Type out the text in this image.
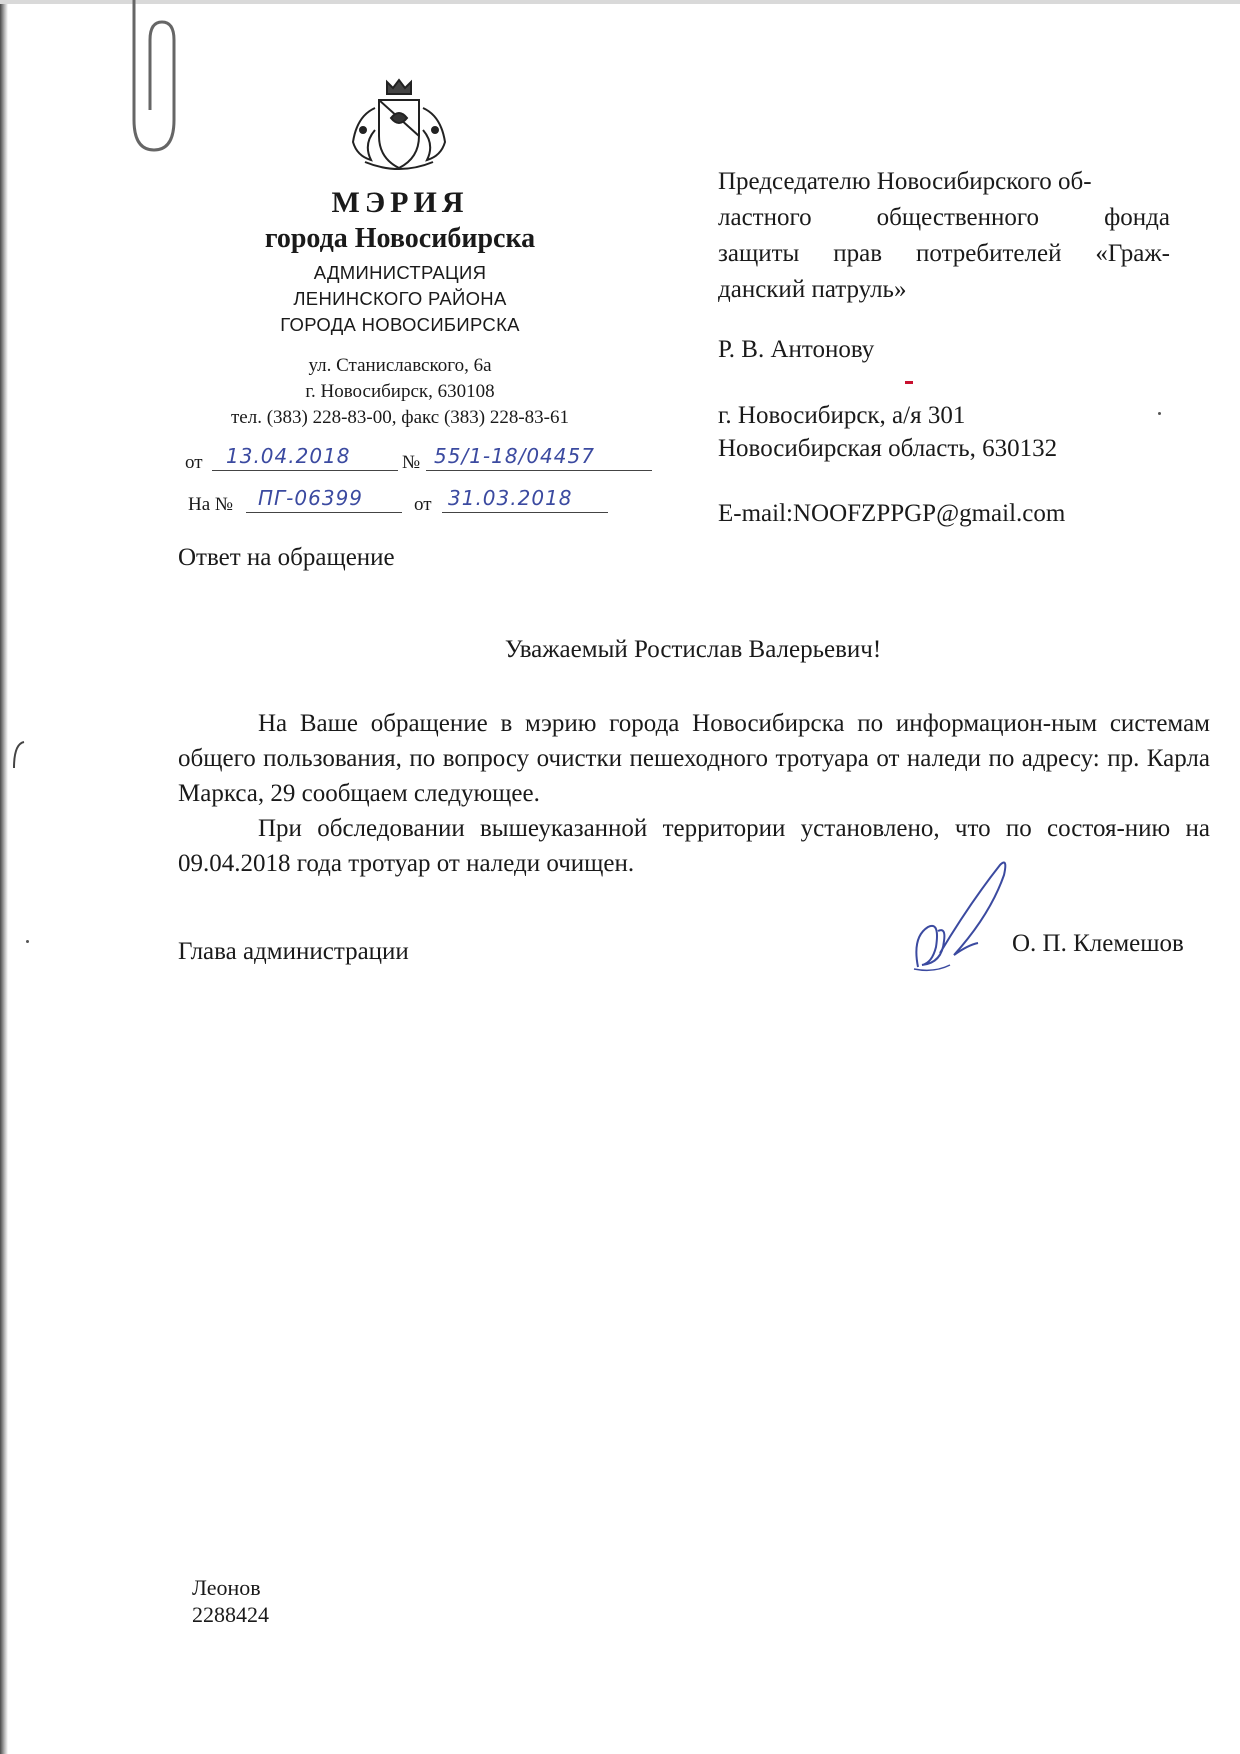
МЭРИЯ
города Новосибирска
АДМИНИСТРАЦИЯ
ЛЕНИНСКОГО РАЙОНА
ГОРОДА НОВОСИБИРСКА
ул. Станиславского, 6а
г. Новосибирск, 630108
тел. (383) 228-83-00, факс (383) 228-83-61
от	13.04.2018	№ 55/1-18/04457
На №	ПГ-06399	от 31.03.2018
Председателю Новосибирского об-
ластного общественного фонда
защиты прав потребителей «Граж-
данский патруль»
Р. В. Антонову
г. Новосибирск, а/я 301
Новосибирская область, 630132
E-mail:NOOFZPPGP@gmail.com
Ответ на обращение
Уважаемый Ростислав Валерьевич!
На Ваше обращение в мэрию города Новосибирска по информацион-ным системам общего пользования, по вопросу очистки пешеходного тротуара от наледи по адресу: пр. Карла Маркса, 29 сообщаем следующее.
При обследовании вышеуказанной территории установлено, что по состоя-нию на 09.04.2018 года тротуар от наледи очищен.
Глава администрации	О. П. Клемешов
Леонов
2288424
